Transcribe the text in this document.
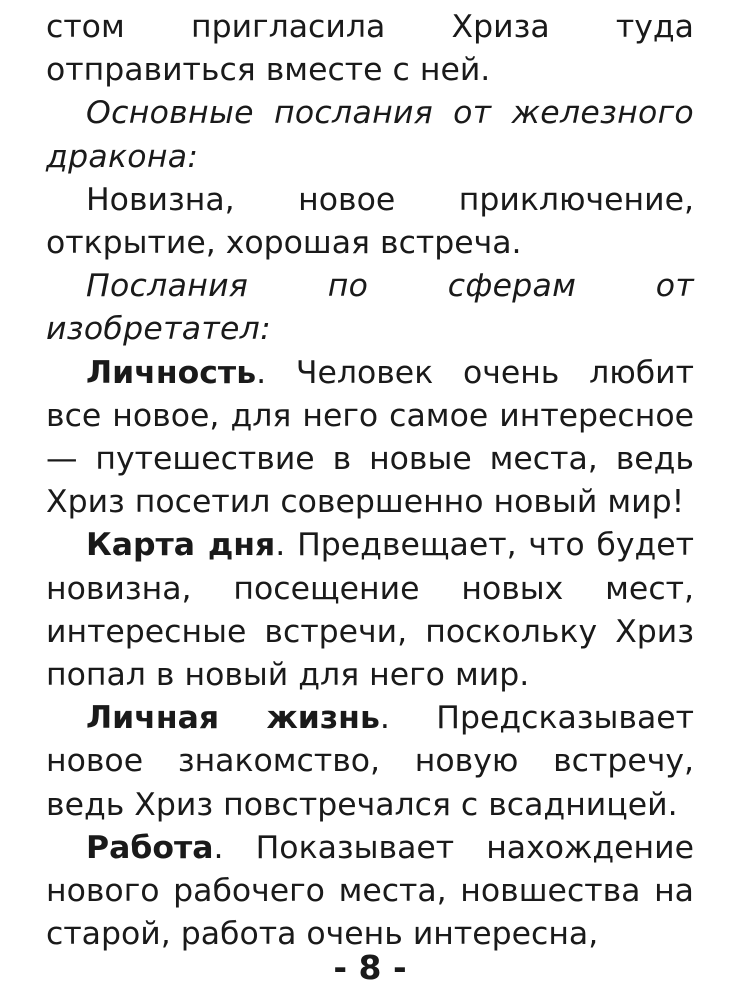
стом пригласила Хриза туда отправиться вместе с ней.

Основные послания от железного дракона:

Новизна, новое приключение, открытие, хорошая встреча.

Послания по сферам от изобретател:

Личность. Человек очень любит все новое, для него самое интересное — путешествие в новые места, ведь Хриз посетил совершенно новый мир!

Карта дня. Предвещает, что будет новизна, посещение новых мест, интересные встречи, поскольку Хриз попал в новый для него мир.

Личная жизнь. Предсказывает новое знакомство, новую встречу, ведь Хриз повстречался с всадницей.

Работа. Показывает нахождение нового рабочего места, новшества на старой, работа очень интересна,

- 8 -
